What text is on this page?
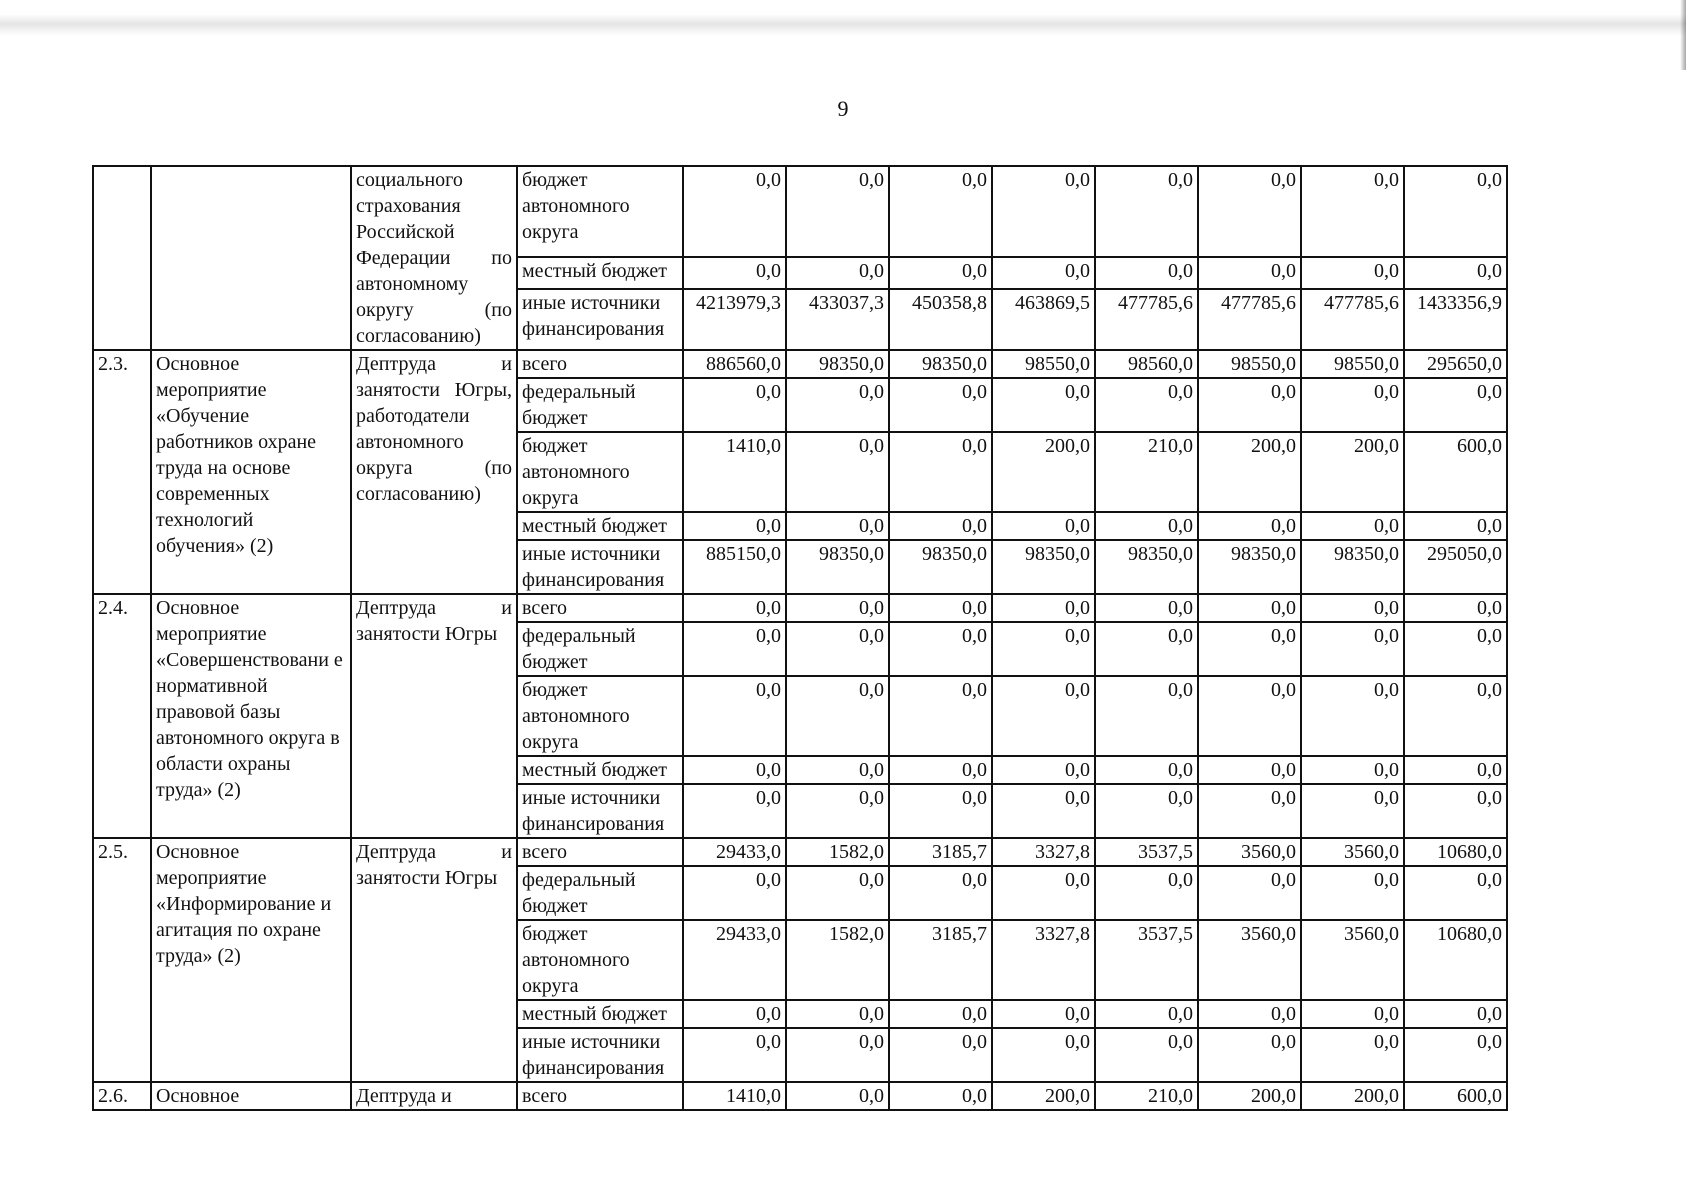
9
		социального страхования Российской Федерации по автономному округу (по согласованию)	бюджет автономного округа	0,0	0,0	0,0	0,0	0,0	0,0	0,0	0,0
			местный бюджет	0,0	0,0	0,0	0,0	0,0	0,0	0,0	0,0
			иные источники финансирования	4213979,3	433037,3	450358,8	463869,5	477785,6	477785,6	477785,6	1433356,9
2.3.	Основное мероприятие «Обучение работников охране труда на основе современных технологий обучения» (2)	Дептруда и занятости Югры, работодатели автономного округа (по согласованию)	всего	886560,0	98350,0	98350,0	98550,0	98560,0	98550,0	98550,0	295650,0
			федеральный бюджет	0,0	0,0	0,0	0,0	0,0	0,0	0,0	0,0
			бюджет автономного округа	1410,0	0,0	0,0	200,0	210,0	200,0	200,0	600,0
			местный бюджет	0,0	0,0	0,0	0,0	0,0	0,0	0,0	0,0
			иные источники финансирования	885150,0	98350,0	98350,0	98350,0	98350,0	98350,0	98350,0	295050,0
2.4.	Основное мероприятие «Совершенствовани е нормативной правовой базы автономного округа в области охраны труда» (2)	Дептруда и занятости Югры	всего	0,0	0,0	0,0	0,0	0,0	0,0	0,0	0,0
			федеральный бюджет	0,0	0,0	0,0	0,0	0,0	0,0	0,0	0,0
			бюджет автономного округа	0,0	0,0	0,0	0,0	0,0	0,0	0,0	0,0
			местный бюджет	0,0	0,0	0,0	0,0	0,0	0,0	0,0	0,0
			иные источники финансирования	0,0	0,0	0,0	0,0	0,0	0,0	0,0	0,0
2.5.	Основное мероприятие «Информирование и агитация по охране труда» (2)	Дептруда и занятости Югры	всего	29433,0	1582,0	3185,7	3327,8	3537,5	3560,0	3560,0	10680,0
			федеральный бюджет	0,0	0,0	0,0	0,0	0,0	0,0	0,0	0,0
			бюджет автономного округа	29433,0	1582,0	3185,7	3327,8	3537,5	3560,0	3560,0	10680,0
			местный бюджет	0,0	0,0	0,0	0,0	0,0	0,0	0,0	0,0
			иные источники финансирования	0,0	0,0	0,0	0,0	0,0	0,0	0,0	0,0
2.6.	Основное	Дептруда и	всего	1410,0	0,0	0,0	200,0	210,0	200,0	200,0	600,0
